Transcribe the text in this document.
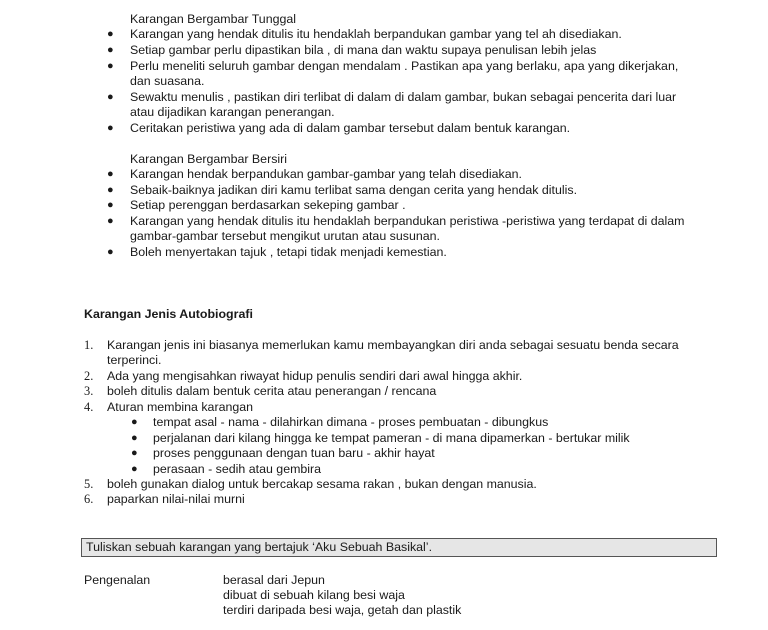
Karangan Bergambar Tunggal
● Karangan yang hendak ditulis itu hendaklah berpandukan gambar yang tel ah disediakan.
● Setiap gambar perlu dipastikan bila , di mana dan waktu supaya penulisan lebih jelas
● Perlu meneliti seluruh gambar dengan mendalam . Pastikan apa yang berlaku, apa yang dikerjakan,
dan suasana.
● Sewaktu menulis , pastikan diri terlibat di dalam di dalam gambar, bukan sebagai pencerita dari luar
atau dijadikan karangan penerangan.
● Ceritakan peristiwa yang ada di dalam gambar tersebut dalam bentuk karangan.
Karangan Bergambar Bersiri
● Karangan hendak berpandukan gambar-gambar yang telah disediakan.
● Sebaik-baiknya jadikan diri kamu terlibat sama dengan cerita yang hendak ditulis.
● Setiap perenggan berdasarkan sekeping gambar .
● Karangan yang hendak ditulis itu hendaklah berpandukan peristiwa -peristiwa yang terdapat di dalam
gambar-gambar tersebut mengikut urutan atau susunan.
● Boleh menyertakan tajuk , tetapi tidak menjadi kemestian.
Karangan Jenis Autobiografi
1. Karangan jenis ini biasanya memerlukan kamu membayangkan diri anda sebagai sesuatu benda secara
terperinci.
2. Ada yang mengisahkan riwayat hidup penulis sendiri dari awal hingga akhir.
3. boleh ditulis dalam bentuk cerita atau penerangan / rencana
4. Aturan membina karangan
● tempat asal - nama - dilahirkan dimana - proses pembuatan - dibungkus
● perjalanan dari kilang hingga ke tempat pameran - di mana dipamerkan - bertukar milik
● proses penggunaan dengan tuan baru - akhir hayat
● perasaan - sedih atau gembira
5. boleh gunakan dialog untuk bercakap sesama rakan , bukan dengan manusia.
6. paparkan nilai-nilai murni
Tuliskan sebuah karangan yang bertajuk ‘Aku Sebuah Basikal’.
Pengenalan	berasal dari Jepun
dibuat di sebuah kilang besi waja
terdiri daripada besi waja, getah dan plastik
